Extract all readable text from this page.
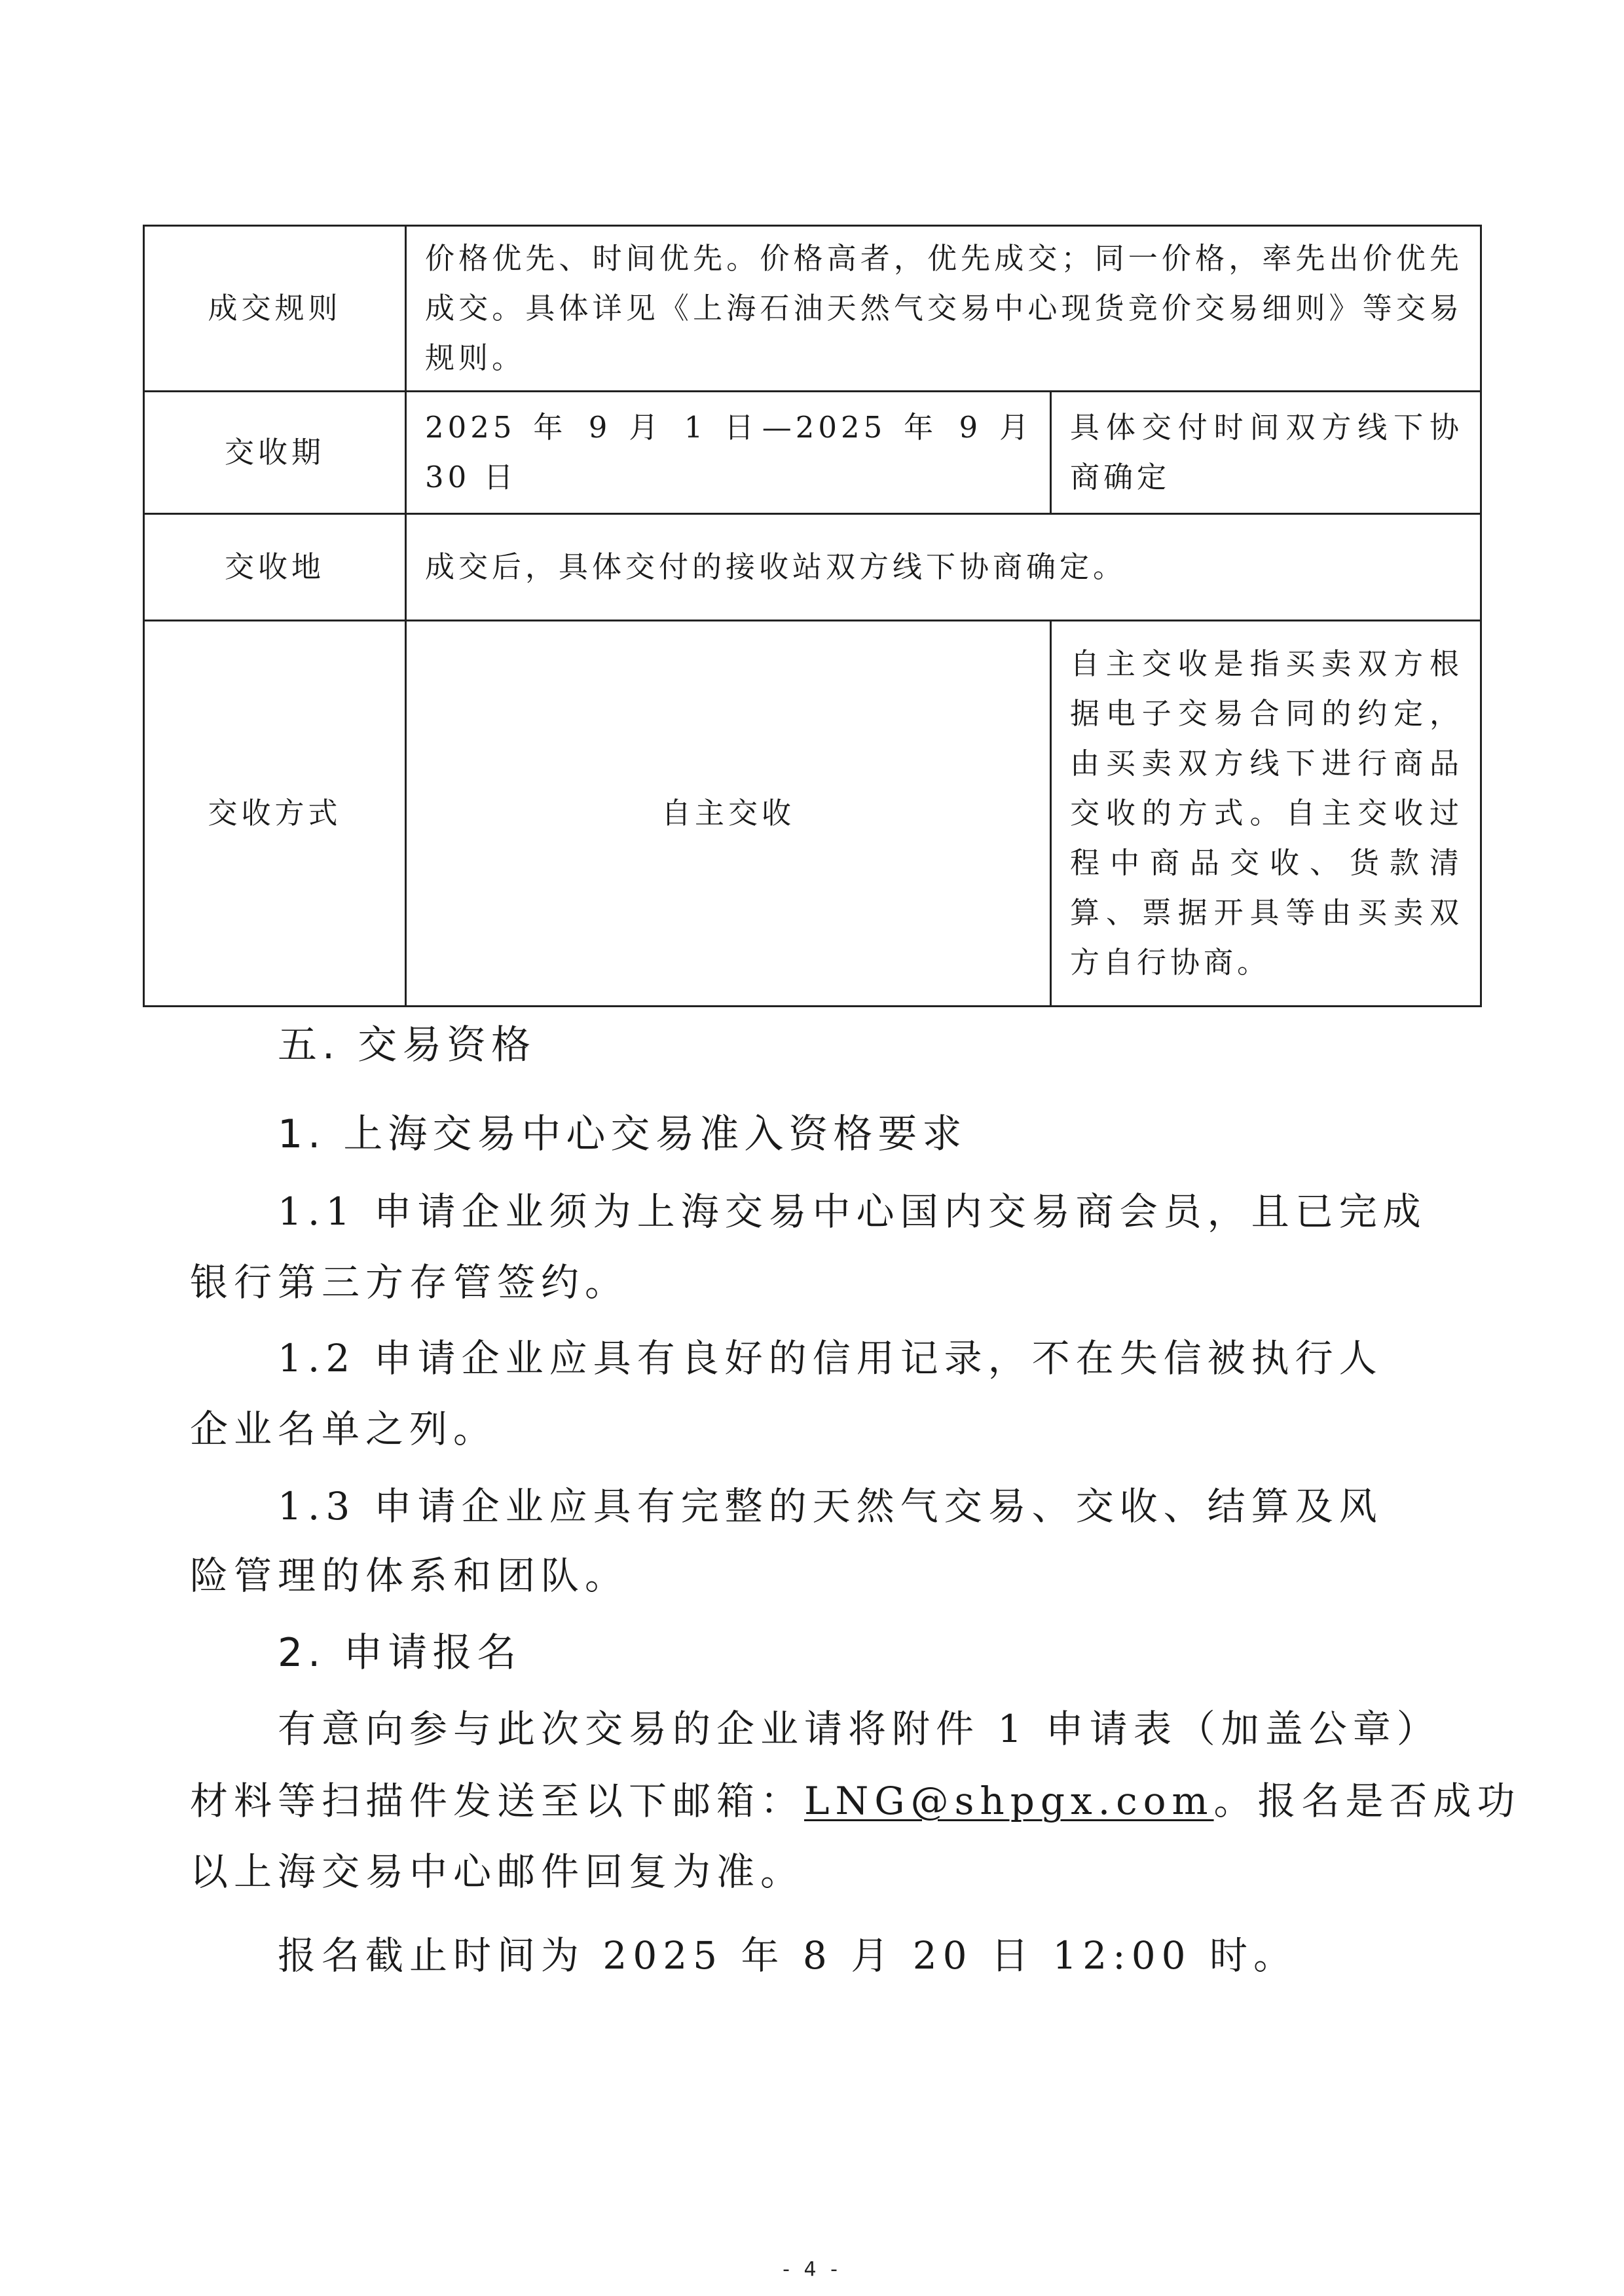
成交规则	价格优先、时间优先。价格高者，优先成交；同一价格，率先出价优先成交。具体详见《上海石油天然气交易中心现货竞价交易细则》等交易规则。	
交收期	2025 年 9 月 1 日—2025 年 9 月 30 日	具体交付时间双方线下协商确定
交收地	成交后，具体交付的接收站双方线下协商确定。	
交收方式	自主交收	自主交收是指买卖双方根据电子交易合同的约定，由买卖双方线下进行商品交收的方式。自主交收过程中商品交收、货款清算、票据开具等由买卖双方自行协商。
五. 交易资格
1. 上海交易中心交易准入资格要求
1.1 申请企业须为上海交易中心国内交易商会员，且已完成
银行第三方存管签约。
1.2 申请企业应具有良好的信用记录，不在失信被执行人
企业名单之列。
1.3 申请企业应具有完整的天然气交易、交收、结算及风
险管理的体系和团队。
2. 申请报名
有意向参与此次交易的企业请将附件 1 申请表（加盖公章）
材料等扫描件发送至以下邮箱：LNG@shpgx.com。报名是否成功
以上海交易中心邮件回复为准。
报名截止时间为 2025 年 8 月 20 日 12:00 时。
- 4 -
